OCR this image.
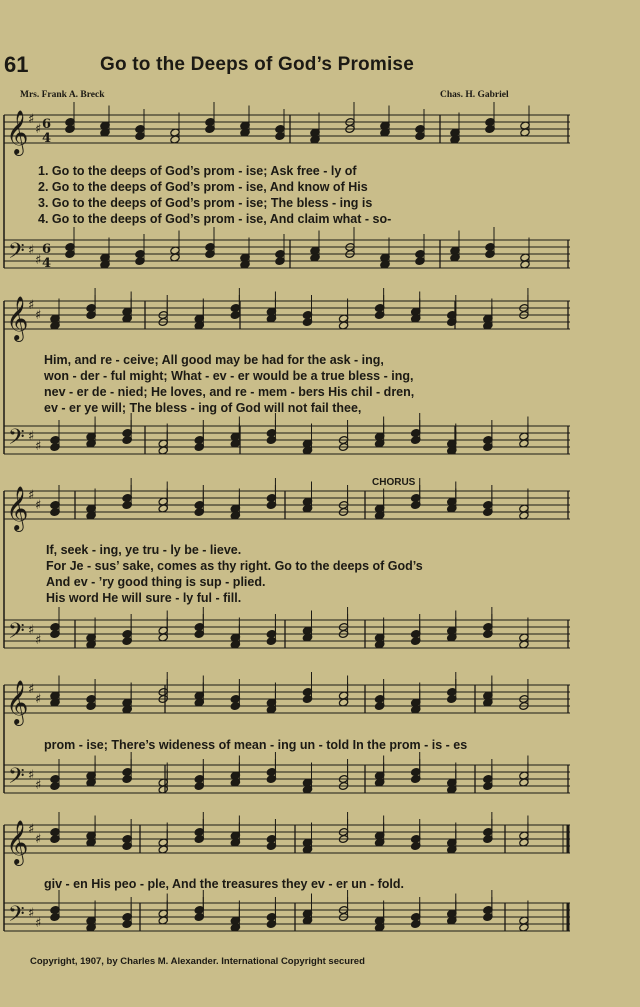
61	Go to the Deeps of God’s Promise
Mrs. Frank A. Breck	Chas. H. Gabriel
CHORUS
𝄞
𝄢
♯
♯
♯
♯
6
4
6
4
𝄞
𝄢
♯
♯
♯
♯
𝄞
𝄢
♯
♯
♯
♯
𝄞
𝄢
♯
♯
♯
♯
𝄞
𝄢
♯
♯
♯
♯
1. Go to the deeps of God’s prom - ise; Ask free - ly of
2. Go to the deeps of God’s prom - ise, And know of His
3. Go to the deeps of God’s prom - ise; The bless - ing is
4. Go to the deeps of God’s prom - ise, And claim what - so-
Him, and re - ceive; All good may be had for the ask - ing,
won - der - ful might; What - ev - er would be a true bless - ing,
nev - er de - nied; He loves, and re - mem - bers His chil - dren,
ev - er ye will; The bless - ing of God will not fail thee,
If, seek - ing, ye tru - ly be - lieve.
For Je - sus’ sake, comes as thy right. Go to the deeps of God’s
And ev - ’ry good thing is sup - plied.
His word He will sure - ly ful - fill.
prom - ise; There’s wideness of mean - ing un - told In the prom - is - es
giv - en His peo - ple, And the treasures they ev - er un - fold.
Copyright, 1907, by Charles M. Alexander. International Copyright secured
